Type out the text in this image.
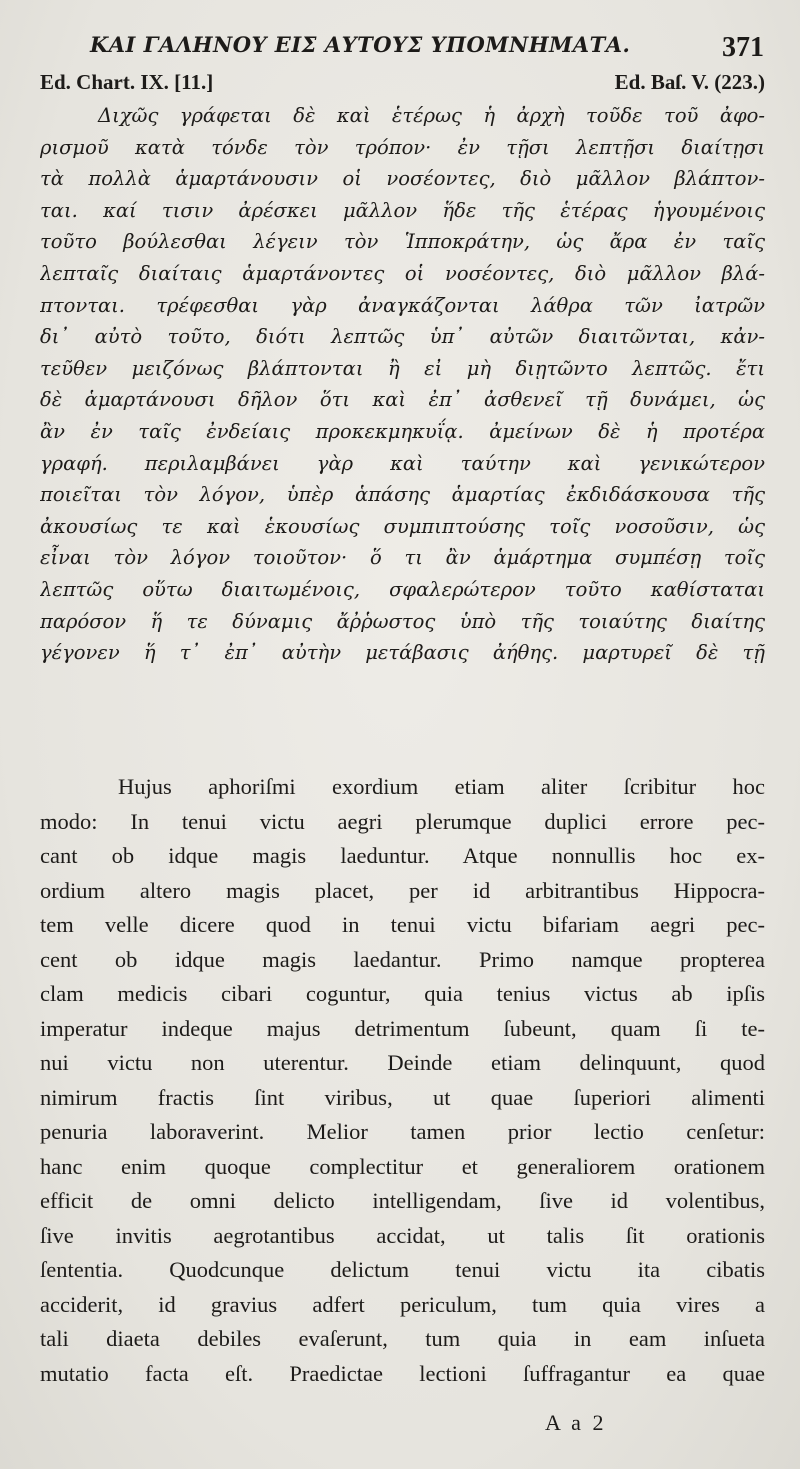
ΚΑΙ ΓΑΛΗΝΟΥ ΕΙΣ ΑΥΤΟΥΣ ΥΠΟΜΝΗΜΑΤΑ.	371
Ed. Chart. IX. [11.]	Ed. Baſ. V. (223.)
Διχῶς γράφεται δὲ καὶ ἑτέρως ἡ ἀρχὴ τοῦδε τοῦ ἀφο-
ρισμοῦ κατὰ τόνδε τὸν τρόπον· ἐν τῇσι λεπτῇσι διαίτῃσι
τὰ πολλὰ ἁμαρτάνουσιν οἱ νοσέοντες, διὸ μᾶλλον βλάπτον-
ται. καί τισιν ἀρέσκει μᾶλλον ἥδε τῆς ἑτέρας ἡγουμένοις
τοῦτο βούλεσθαι λέγειν τὸν Ἱπποκράτην, ὡς ἄρα ἐν ταῖς
λεπταῖς διαίταις ἁμαρτάνοντες οἱ νοσέοντες, διὸ μᾶλλον βλά-
πτονται. τρέφεσθαι γὰρ ἀναγκάζονται λάθρα τῶν ἰατρῶν
δι᾽ αὐτὸ τοῦτο, διότι λεπτῶς ὑπ᾽ αὐτῶν διαιτῶνται, κἀν-
τεῦθεν μειζόνως βλάπτονται ἢ εἰ μὴ διῃτῶντο λεπτῶς. ἔτι
δὲ ἁμαρτάνουσι δῆλον ὅτι καὶ ἐπ᾽ ἀσθενεῖ τῇ δυνάμει, ὡς
ἂν ἐν ταῖς ἐνδείαις προκεκμηκυΐᾳ. ἀμείνων δὲ ἡ προτέρα
γραφή. περιλαμβάνει γὰρ καὶ ταύτην καὶ γενικώτερον
ποιεῖται τὸν λόγον, ὑπὲρ ἁπάσης ἁμαρτίας ἐκδιδάσκουσα τῆς
ἀκουσίως τε καὶ ἑκουσίως συμπιπτούσης τοῖς νοσοῦσιν, ὡς
εἶναι τὸν λόγον τοιοῦτον· ὅ τι ἂν ἁμάρτημα συμπέσῃ τοῖς
λεπτῶς οὕτω διαιτωμένοις, σφαλερώτερον τοῦτο καθίσταται
παρόσον ἥ τε δύναμις ἄῤῥωστος ὑπὸ τῆς τοιαύτης διαίτης
γέγονεν ἥ τ᾽ ἐπ᾽ αὐτὴν μετάβασις ἀήθης. μαρτυρεῖ δὲ τῇ
Hujus aphoriſmi exordium etiam aliter ſcribitur hoc
modo: In tenui victu aegri plerumque duplici errore pec-
cant ob idque magis laeduntur. Atque nonnullis hoc ex-
ordium altero magis placet, per id arbitrantibus Hippocra-
tem velle dicere quod in tenui victu bifariam aegri pec-
cent ob idque magis laedantur. Primo namque propterea
clam medicis cibari coguntur, quia tenius victus ab ipſis
imperatur indeque majus detrimentum ſubeunt, quam ſi te-
nui victu non uterentur. Deinde etiam delinquunt, quod
nimirum fractis ſint viribus, ut quae ſuperiori alimenti
penuria laboraverint. Melior tamen prior lectio cenſetur:
hanc enim quoque complectitur et generaliorem orationem
efficit de omni delicto intelligendam, ſive id volentibus,
ſive invitis aegrotantibus accidat, ut talis ſit orationis
ſententia. Quodcunque delictum tenui victu ita cibatis
acciderit, id gravius adfert periculum, tum quia vires a
tali diaeta debiles evaſerunt, tum quia in eam inſueta
mutatio facta eſt. Praedictae lectioni ſuffragantur ea quae
A a 2
